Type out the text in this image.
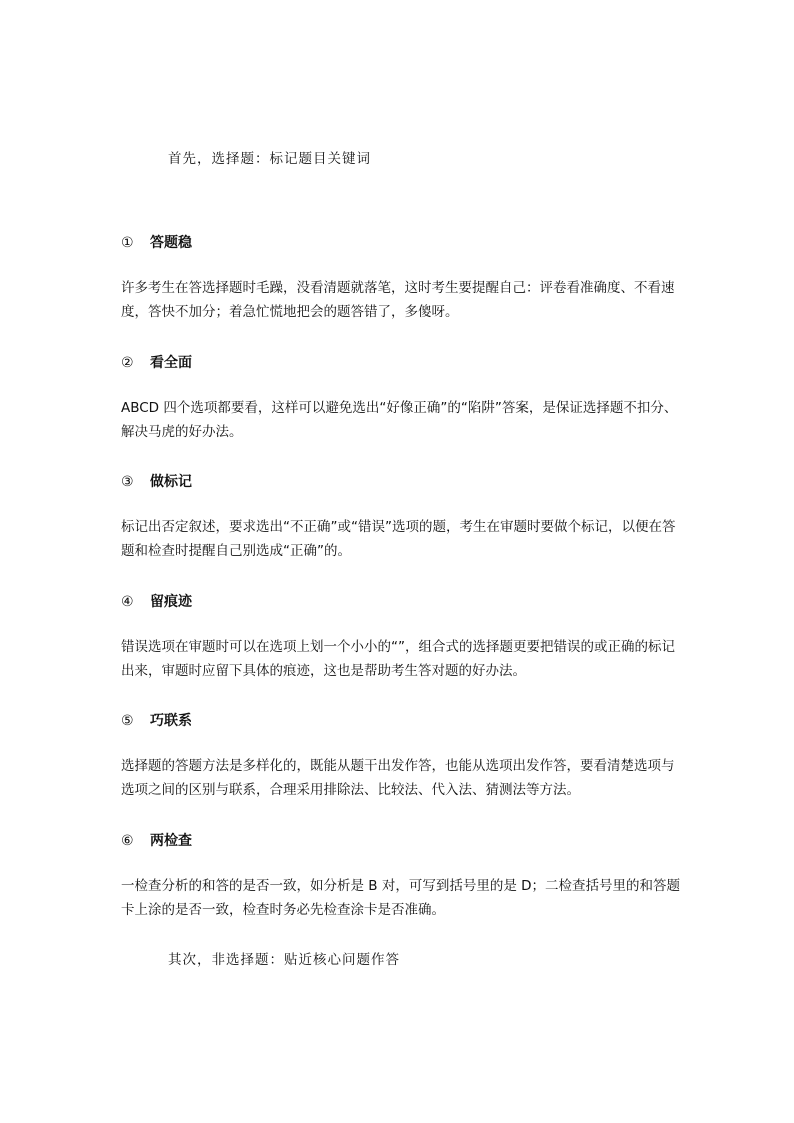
首先，选择题：标记题目关键词
① 答题稳
许多考生在答选择题时毛躁，没看清题就落笔，这时考生要提醒自己：评卷看准确度、不看速度，答快不加分；着急忙慌地把会的题答错了，多傻呀。
② 看全面
ABCD 四个选项都要看，这样可以避免选出“好像正确”的“陷阱”答案，是保证选择题不扣分、解决马虎的好办法。
③ 做标记
标记出否定叙述，要求选出“不正确”或“错误”选项的题，考生在审题时要做个标记，以便在答题和检查时提醒自己别选成“正确”的。
④ 留痕迹
错误选项在审题时可以在选项上划一个小小的“”，组合式的选择题更要把错误的或正确的标记出来，审题时应留下具体的痕迹，这也是帮助考生答对题的好办法。
⑤ 巧联系
选择题的答题方法是多样化的，既能从题干出发作答，也能从选项出发作答，要看清楚选项与选项之间的区别与联系，合理采用排除法、比较法、代入法、猜测法等方法。
⑥ 两检查
一检查分析的和答的是否一致，如分析是 B 对，可写到括号里的是 D；二检查括号里的和答题卡上涂的是否一致，检查时务必先检查涂卡是否准确。
其次，非选择题：贴近核心问题作答
